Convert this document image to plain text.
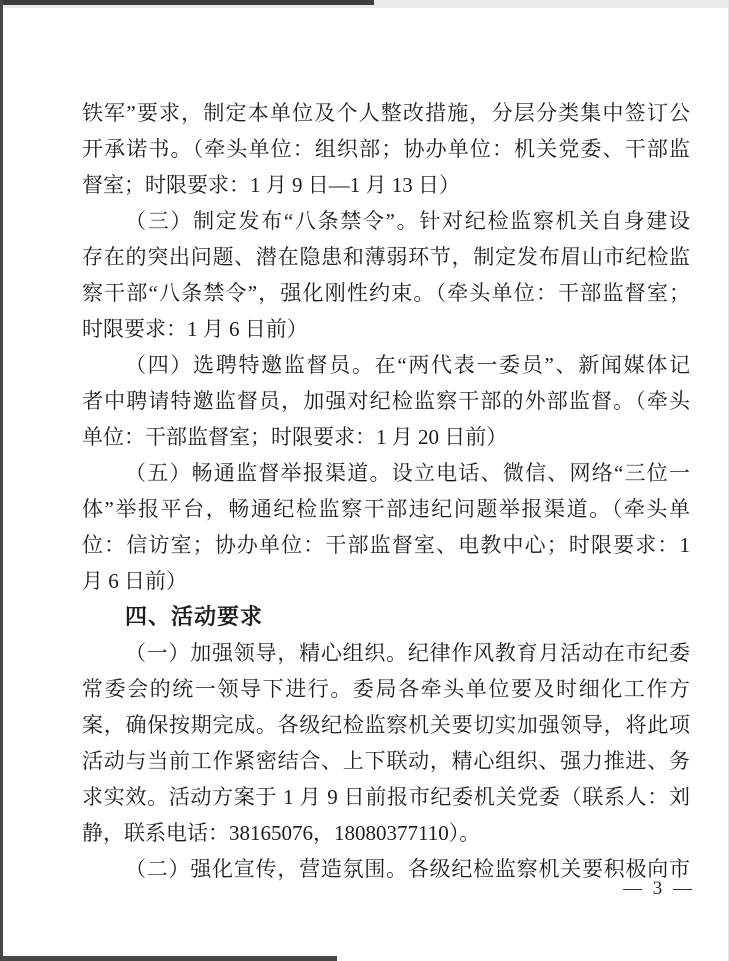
铁军”要求，制定本单位及个人整改措施，分层分类集中签订公
开承诺书。（牵头单位：组织部；协办单位：机关党委、干部监
督室；时限要求：1 月 9 日—1 月 13 日）
（三）制定发布“八条禁令”。针对纪检监察机关自身建设
存在的突出问题、潜在隐患和薄弱环节，制定发布眉山市纪检监
察干部“八条禁令”，强化刚性约束。（牵头单位：干部监督室；
时限要求：1 月 6 日前）
（四）选聘特邀监督员。在“两代表一委员”、新闻媒体记
者中聘请特邀监督员，加强对纪检监察干部的外部监督。（牵头
单位：干部监督室；时限要求：1 月 20 日前）
（五）畅通监督举报渠道。设立电话、微信、网络“三位一
体”举报平台，畅通纪检监察干部违纪问题举报渠道。（牵头单
位：信访室；协办单位：干部监督室、电教中心；时限要求：1
月 6 日前）
四、活动要求
（一）加强领导，精心组织。纪律作风教育月活动在市纪委
常委会的统一领导下进行。委局各牵头单位要及时细化工作方
案，确保按期完成。各级纪检监察机关要切实加强领导，将此项
活动与当前工作紧密结合、上下联动，精心组织、强力推进、务
求实效。活动方案于 1 月 9 日前报市纪委机关党委（联系人：刘
静，联系电话：38165076，18080377110）。
（二）强化宣传，营造氛围。各级纪检监察机关要积极向市
— 3 —
